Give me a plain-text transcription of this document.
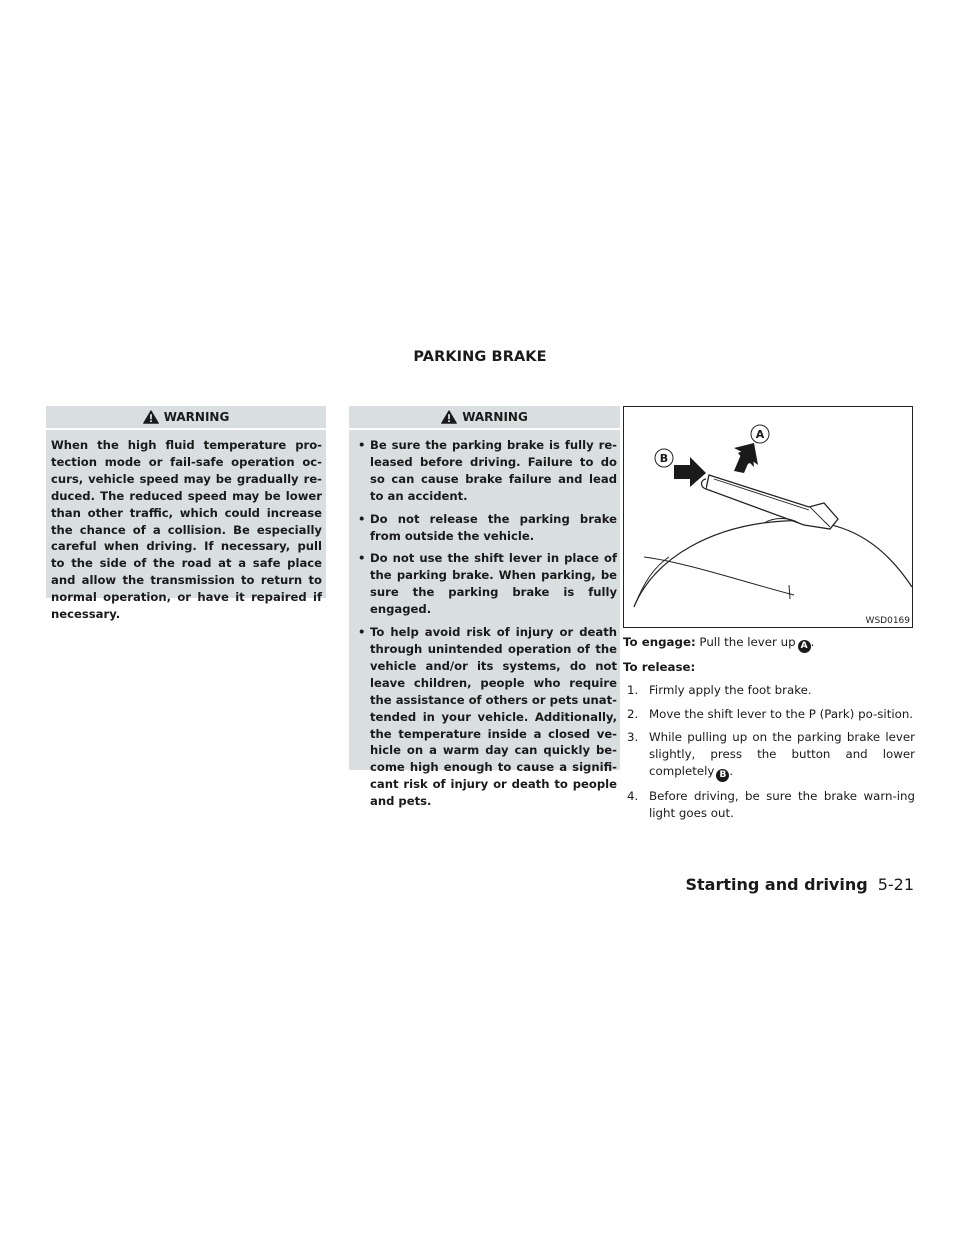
PARKING BRAKE
WARNING
When the high fluid temperature pro-tection mode or fail-safe operation oc-curs, vehicle speed may be gradually re-duced. The reduced speed may be lower than other traffic, which could increase the chance of a collision. Be especially careful when driving. If necessary, pull to the side of the road at a safe place and allow the transmission to return to normal operation, or have it repaired if necessary.
WARNING
• Be sure the parking brake is fully re-leased before driving. Failure to do so can cause brake failure and lead to an accident.
• Do not release the parking brake from outside the vehicle.
• Do not use the shift lever in place of the parking brake. When parking, be sure the parking brake is fully engaged.
• To help avoid risk of injury or death through unintended operation of the vehicle and/or its systems, do not leave children, people who require the assistance of others or pets unat-tended in your vehicle. Additionally, the temperature inside a closed ve-hicle on a warm day can quickly be-come high enough to cause a signifi-cant risk of injury or death to people and pets.
B
A
WSD0169

To engage: Pull the lever up A .

To release:

1. Firmly apply the foot brake.
2. Move the shift lever to the P (Park) po-sition.
3. While pulling up on the parking brake lever slightly, press the button and lower completely B .
4. Before driving, be sure the brake warn-ing light goes out.
Starting and driving 5-21
